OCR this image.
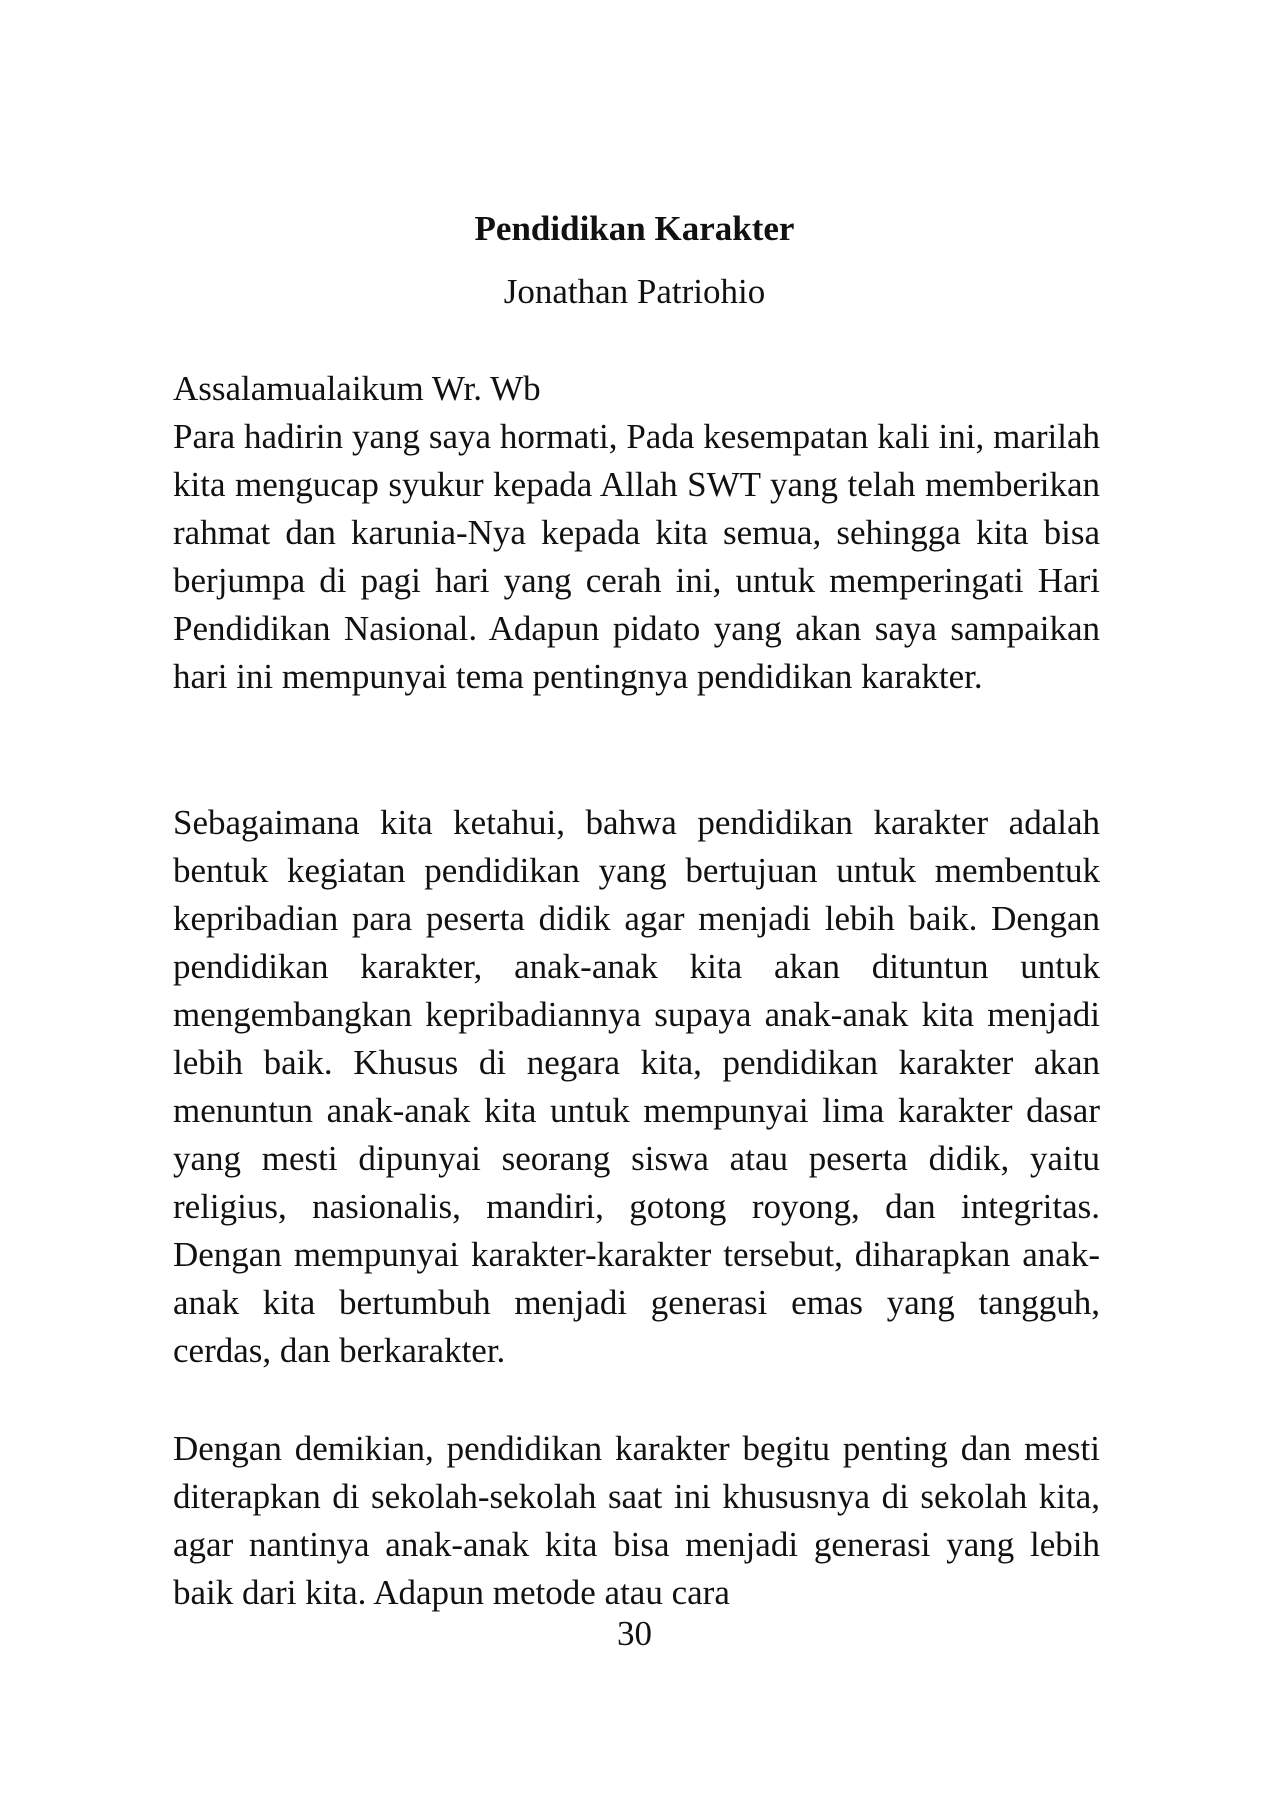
Pendidikan Karakter

Jonathan Patriohio

Assalamualaikum Wr. Wb

Para hadirin yang saya hormati, Pada kesempatan kali ini, marilah kita mengucap syukur kepada Allah SWT yang telah memberikan rahmat dan karunia-Nya kepada kita semua, sehingga kita bisa berjumpa di pagi hari yang cerah ini, untuk memperingati Hari Pendidikan Nasional. Adapun pidato yang akan saya sampaikan hari ini mempunyai tema pentingnya pendidikan karakter.

Sebagaimana kita ketahui, bahwa pendidikan karakter adalah bentuk kegiatan pendidikan yang bertujuan untuk membentuk kepribadian para peserta didik agar menjadi lebih baik. Dengan pendidikan karakter, anak-anak kita akan dituntun untuk mengembangkan kepribadiannya supaya anak-anak kita menjadi lebih baik. Khusus di negara kita, pendidikan karakter akan menuntun anak-anak kita untuk mempunyai lima karakter dasar yang mesti dipunyai seorang siswa atau peserta didik, yaitu religius, nasionalis, mandiri, gotong royong, dan integritas. Dengan mempunyai karakter-karakter tersebut, diharapkan anak-anak kita bertumbuh menjadi generasi emas yang tangguh, cerdas, dan berkarakter.

Dengan demikian, pendidikan karakter begitu penting dan mesti diterapkan di sekolah-sekolah saat ini khususnya di sekolah kita, agar nantinya anak-anak kita bisa menjadi generasi yang lebih baik dari kita. Adapun metode atau cara

30
